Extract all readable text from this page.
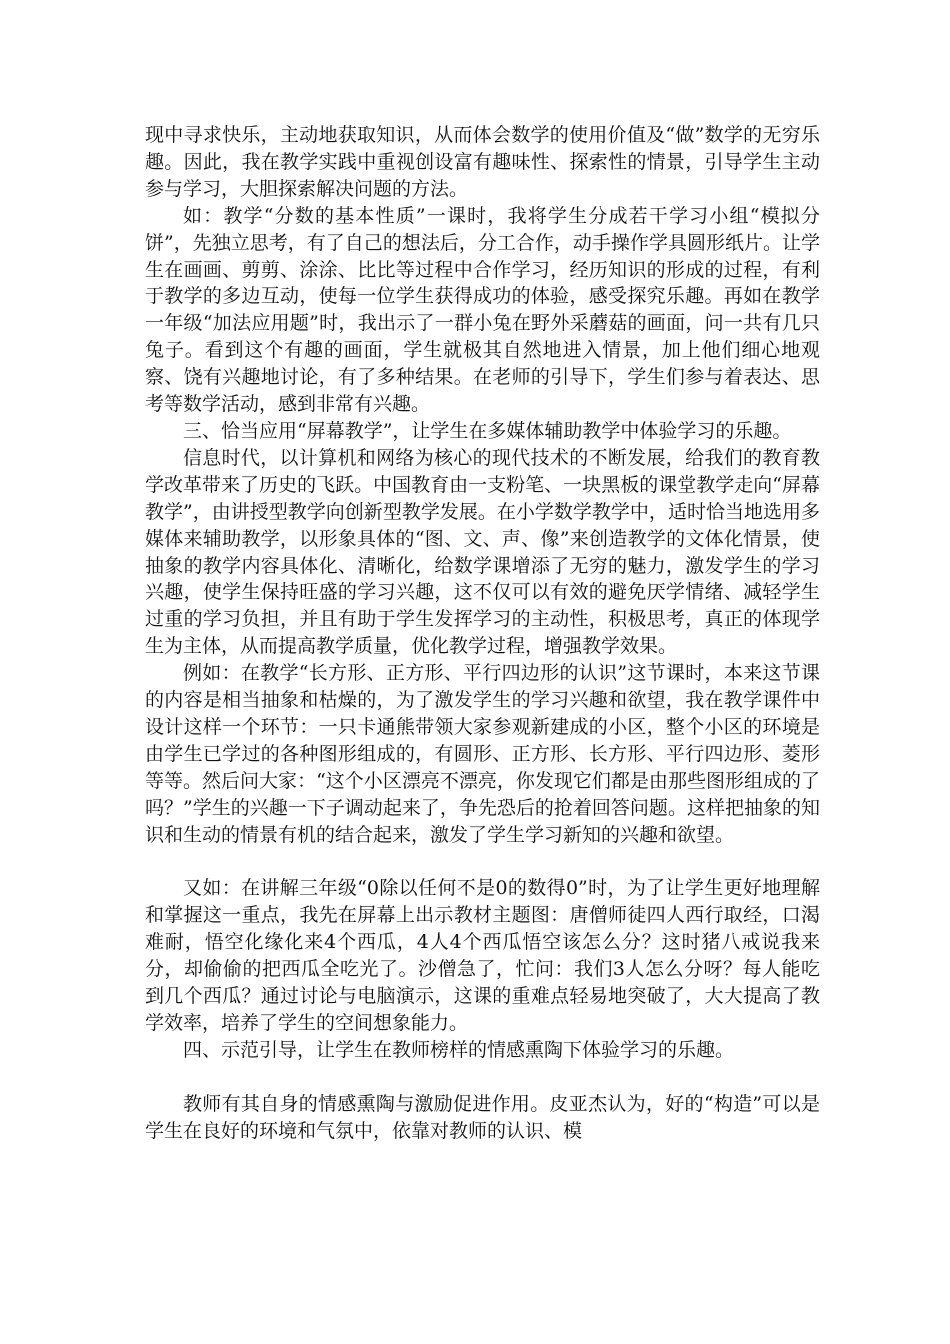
现中寻求快乐，主动地获取知识，从而体会数学的使用价值及“做”数学的无穷乐趣。因此，我在教学实践中重视创设富有趣味性、探索性的情景，引导学生主动参与学习，大胆探索解决问题的方法。

如：教学“分数的基本性质”一课时，我将学生分成若干学习小组“模拟分饼”，先独立思考，有了自己的想法后，分工合作，动手操作学具圆形纸片。让学生在画画、剪剪、涂涂、比比等过程中合作学习，经历知识的形成的过程，有利于教学的多边互动，使每一位学生获得成功的体验，感受探究乐趣。再如在教学一年级“加法应用题”时，我出示了一群小兔在野外采蘑菇的画面，问一共有几只兔子。看到这个有趣的画面，学生就极其自然地进入情景，加上他们细心地观察、饶有兴趣地讨论，有了多种结果。在老师的引导下，学生们参与着表达、思考等数学活动，感到非常有兴趣。

三、恰当应用“屏幕教学”，让学生在多媒体辅助教学中体验学习的乐趣。

信息时代，以计算机和网络为核心的现代技术的不断发展，给我们的教育教学改革带来了历史的飞跃。中国教育由一支粉笔、一块黑板的课堂教学走向“屏幕教学”，由讲授型教学向创新型教学发展。在小学数学教学中，适时恰当地选用多媒体来辅助教学，以形象具体的“图、文、声、像”来创造教学的文体化情景，使抽象的教学内容具体化、清晰化，给数学课增添了无穷的魅力，激发学生的学习兴趣，使学生保持旺盛的学习兴趣，这不仅可以有效的避免厌学情绪、减轻学生过重的学习负担，并且有助于学生发挥学习的主动性，积极思考，真正的体现学生为主体，从而提高教学质量，优化教学过程，增强教学效果。

例如：在教学“长方形、正方形、平行四边形的认识”这节课时，本来这节课的内容是相当抽象和枯燥的，为了激发学生的学习兴趣和欲望，我在教学课件中设计这样一个环节：一只卡通熊带领大家参观新建成的小区，整个小区的环境是由学生已学过的各种图形组成的，有圆形、正方形、长方形、平行四边形、菱形等等。然后问大家：“这个小区漂亮不漂亮，你发现它们都是由那些图形组成的了吗？”学生的兴趣一下子调动起来了，争先恐后的抢着回答问题。这样把抽象的知识和生动的情景有机的结合起来，激发了学生学习新知的兴趣和欲望。

又如：在讲解三年级“0除以任何不是0的数得0”时，为了让学生更好地理解和掌握这一重点，我先在屏幕上出示教材主题图：唐僧师徒四人西行取经，口渴难耐，悟空化缘化来4个西瓜，4人4个西瓜悟空该怎么分？这时猪八戒说我来分，却偷偷的把西瓜全吃光了。沙僧急了，忙问：我们3人怎么分呀？每人能吃到几个西瓜？通过讨论与电脑演示，这课的重难点轻易地突破了，大大提高了教学效率，培养了学生的空间想象能力。

四、示范引导，让学生在教师榜样的情感熏陶下体验学习的乐趣。

教师有其自身的情感熏陶与激励促进作用。皮亚杰认为，好的“构造”可以是学生在良好的环境和气氛中，依靠对教师的认识、模
